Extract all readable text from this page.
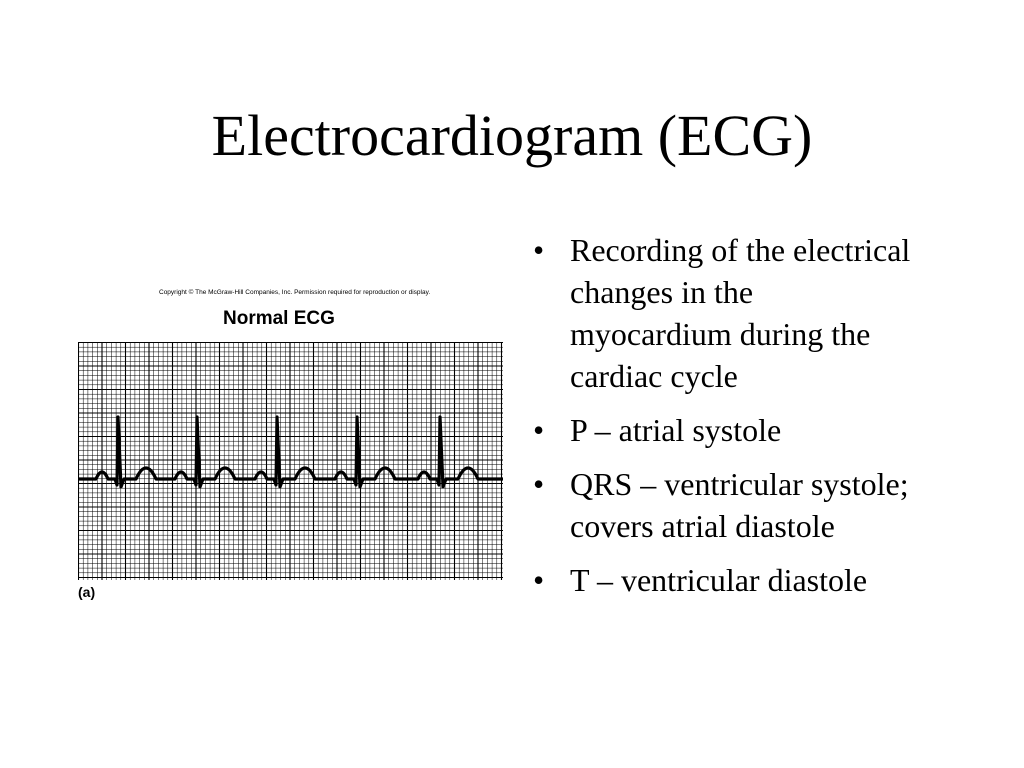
Electrocardiogram (ECG)
Copyright © The McGraw-Hill Companies, Inc. Permission required for reproduction or display.
Normal ECG
(a)
• Recording of the electrical changes in the myocardium during the cardiac cycle
• P – atrial systole
• QRS – ventricular systole; covers atrial diastole
• T – ventricular diastole
